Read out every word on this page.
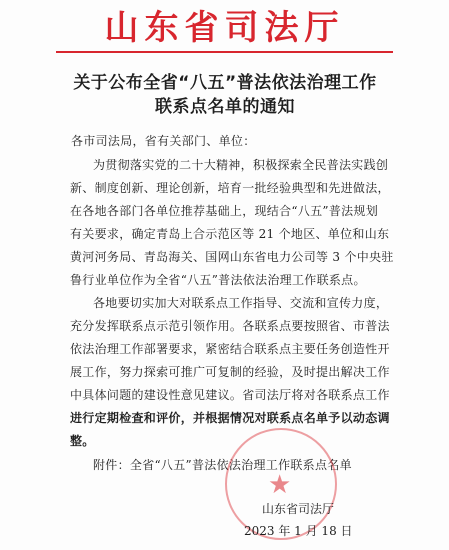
山东省司法厅
关于公布全省“八五”普法依法治理工作
联系点名单的通知
各市司法局，省有关部门、单位：
为贯彻落实党的二十大精神，积极探索全民普法实践创
新、制度创新、理论创新，培育一批经验典型和先进做法，
在各地各部门各单位推荐基础上，现结合“八五”普法规划
有关要求，确定青岛上合示范区等 21 个地区、单位和山东
黄河河务局、青岛海关、国网山东省电力公司等 3 个中央驻
鲁行业单位作为全省“八五”普法依法治理工作联系点。
各地要切实加大对联系点工作指导、交流和宣传力度，
充分发挥联系点示范引领作用。各联系点要按照省、市普法
依法治理工作部署要求，紧密结合联系点主要任务创造性开
展工作，努力探索可推广可复制的经验，及时提出解决工作
中具体问题的建设性意见建议。省司法厅将对各联系点工作
进行定期检查和评价，并根据情况对联系点名单予以动态调
整。
附件：全省“八五”普法依法治理工作联系点名单
★
山东省司法厅
2023 年 1 月 18 日
